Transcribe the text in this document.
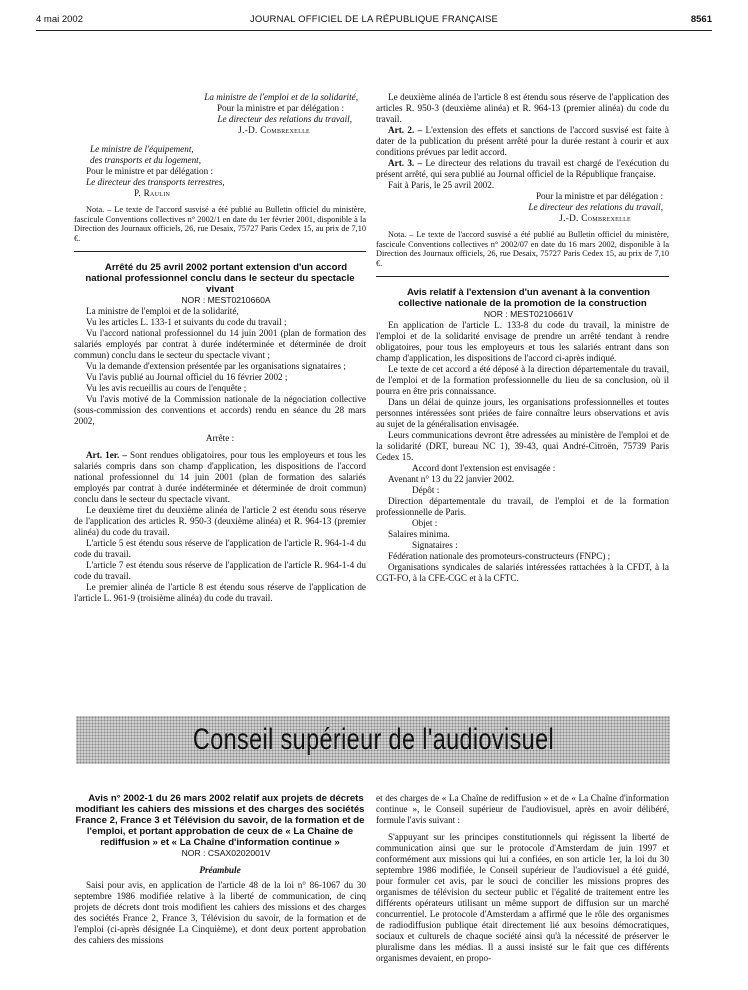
4 mai 2002	JOURNAL OFFICIEL DE LA RÉPUBLIQUE FRANÇAISE	8561

La ministre de l'emploi et de la solidarité,

Pour la ministre et par délégation :

Le directeur des relations du travail,

J.-D. Combrexelle

Le ministre de l'équipement,

des transports et du logement,

Pour le ministre et par délégation :

Le directeur des transports terrestres,

P. Raulin

Nota. – Le texte de l'accord susvisé a été publié au Bulletin officiel du ministère, fascicule Conventions collectives n° 2002/1 en date du 1er février 2001, disponible à la Direction des Journaux officiels, 26, rue Desaix, 75727 Paris Cedex 15, au prix de 7,10 €.

Arrêté du 25 avril 2002 portant extension d'un accord national professionnel conclu dans le secteur du spectacle vivant

NOR : MEST0210660A

La ministre de l'emploi et de la solidarité,

Vu les articles L. 133-1 et suivants du code du travail ;

Vu l'accord national professionnel du 14 juin 2001 (plan de formation des salariés employés par contrat à durée indéterminée et déterminée de droit commun) conclu dans le secteur du spectacle vivant ;

Vu la demande d'extension présentée par les organisations signataires ;

Vu l'avis publié au Journal officiel du 16 février 2002 ;

Vu les avis recueillis au cours de l'enquête ;

Vu l'avis motivé de la Commission nationale de la négociation collective (sous-commission des conventions et accords) rendu en séance du 28 mars 2002,

Arrête :

Art. 1er. – Sont rendues obligatoires, pour tous les employeurs et tous les salariés compris dans son champ d'application, les dispositions de l'accord national professionnel du 14 juin 2001 (plan de formation des salariés employés par contrat à durée indéterminée et déterminée de droit commun) conclu dans le secteur du spectacle vivant.

Le deuxième tiret du deuxième alinéa de l'article 2 est étendu sous réserve de l'application des articles R. 950-3 (deuxième alinéa) et R. 964-13 (premier alinéa) du code du travail.

L'article 5 est étendu sous réserve de l'application de l'article R. 964-1-4 du code du travail.

L'article 7 est étendu sous réserve de l'application de l'article R. 964-1-4 du code du travail.

Le premier alinéa de l'article 8 est étendu sous réserve de l'application de l'article L. 961-9 (troisième alinéa) du code du travail.

Le deuxième alinéa de l'article 8 est étendu sous réserve de l'application des articles R. 950-3 (deuxième alinéa) et R. 964-13 (premier alinéa) du code du travail.

Art. 2. – L'extension des effets et sanctions de l'accord susvisé est faite à dater de la publication du présent arrêté pour la durée restant à courir et aux conditions prévues par ledit accord.

Art. 3. – Le directeur des relations du travail est chargé de l'exécution du présent arrêté, qui sera publié au Journal officiel de la République française.

Fait à Paris, le 25 avril 2002.

Pour la ministre et par délégation :

Le directeur des relations du travail,

J.-D. Combrexelle

Nota. – Le texte de l'accord susvisé a été publié au Bulletin officiel du ministère, fascicule Conventions collectives n° 2002/07 en date du 16 mars 2002, disponible à la Direction des Journaux officiels, 26, rue Desaix, 75727 Paris Cedex 15, au prix de 7,10 €.

Avis relatif à l'extension d'un avenant à la convention collective nationale de la promotion de la construction

NOR : MEST0210661V

En application de l'article L. 133-8 du code du travail, la ministre de l'emploi et de la solidarité envisage de prendre un arrêté tendant à rendre obligatoires, pour tous les employeurs et tous les salariés entrant dans son champ d'application, les dispositions de l'accord ci-après indiqué.

Le texte de cet accord a été déposé à la direction départementale du travail, de l'emploi et de la formation professionnelle du lieu de sa conclusion, où il pourra en être pris connaissance.

Dans un délai de quinze jours, les organisations professionnelles et toutes personnes intéressées sont priées de faire connaître leurs observations et avis au sujet de la généralisation envisagée.

Leurs communications devront être adressées au ministère de l'emploi et de la solidarité (DRT, bureau NC 1), 39-43, quai André-Citroën, 75739 Paris Cedex 15.

Accord dont l'extension est envisagée :

Avenant n° 13 du 22 janvier 2002.

Dépôt :

Direction départementale du travail, de l'emploi et de la formation professionnelle de Paris.

Objet :

Salaires minima.

Signataires :

Fédération nationale des promoteurs-constructeurs (FNPC) ;

Organisations syndicales de salariés intéressées rattachées à la CFDT, à la CGT-FO, à la CFE-CGC et à la CFTC.

Conseil supérieur de l'audiovisuel

Avis n° 2002-1 du 26 mars 2002 relatif aux projets de décrets modifiant les cahiers des missions et des charges des sociétés France 2, France 3 et Télévision du savoir, de la formation et de l'emploi, et portant approbation de ceux de « La Chaîne de rediffusion » et « La Chaîne d'information continue »

NOR : CSAX0202001V

Préambule

Saisi pour avis, en application de l'article 48 de la loi n° 86-1067 du 30 septembre 1986 modifiée relative à la liberté de communication, de cinq projets de décrets dont trois modifient les cahiers des missions et des charges des sociétés France 2, France 3, Télévision du savoir, de la formation et de l'emploi (ci-après désignée La Cinquième), et dont deux portent approbation des cahiers des missions

et des charges de « La Chaîne de rediffusion » et de « La Chaîne d'information continue », le Conseil supérieur de l'audiovisuel, après en avoir délibéré, formule l'avis suivant :

S'appuyant sur les principes constitutionnels qui régissent la liberté de communication ainsi que sur le protocole d'Amsterdam de juin 1997 et conformément aux missions qui lui a confiées, en son article 1er, la loi du 30 septembre 1986 modifiée, le Conseil supérieur de l'audiovisuel a été guidé, pour formuler cet avis, par le souci de concilier les missions propres des organismes de télévision du secteur public et l'égalité de traitement entre les différents opérateurs utilisant un même support de diffusion sur un marché concurrentiel. Le protocole d'Amsterdam a affirmé que le rôle des organismes de radiodiffusion publique était directement lié aux besoins démocratiques, sociaux et culturels de chaque société ainsi qu'à la nécessité de préserver le pluralisme dans les médias. Il a aussi insisté sur le fait que ces différents organismes devaient, en propo-
